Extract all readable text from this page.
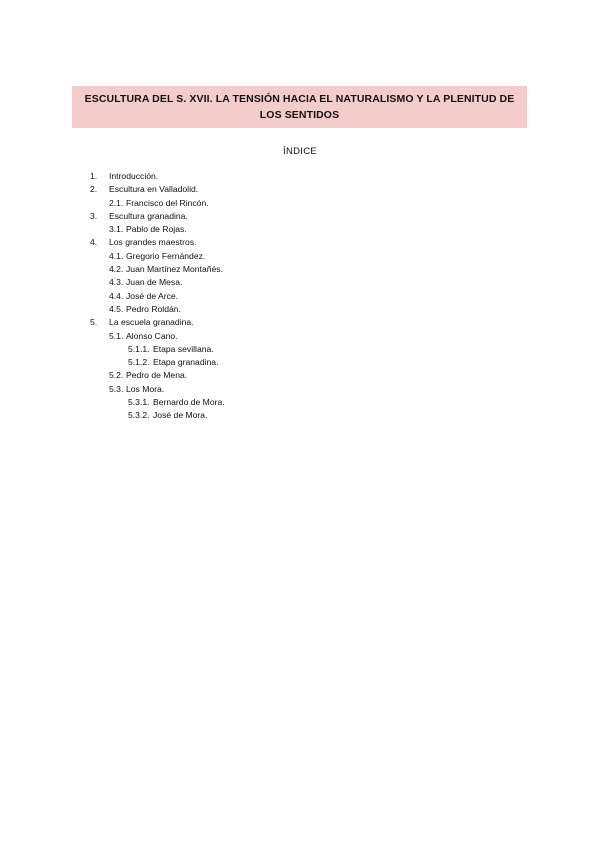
ESCULTURA DEL S. XVII. LA TENSIÓN HACIA EL NATURALISMO Y LA PLENITUD DE LOS SENTIDOS
ÍNDICE
1. Introducción.
2. Escultura en Valladolid.
2.1. Francisco del Rincón.
3. Escultura granadina.
3.1. Pablo de Rojas.
4. Los grandes maestros.
4.1. Gregorio Fernández.
4.2. Juan Martínez Montañés.
4.3. Juan de Mesa.
4.4. José de Arce.
4.5. Pedro Roldán.
5. La escuela granadina.
5.1. Alonso Cano.
5.1.1. Etapa sevillana.
5.1.2. Etapa granadina.
5.2. Pedro de Mena.
5.3. Los Mora.
5.3.1. Bernardo de Mora.
5.3.2. José de Mora.
